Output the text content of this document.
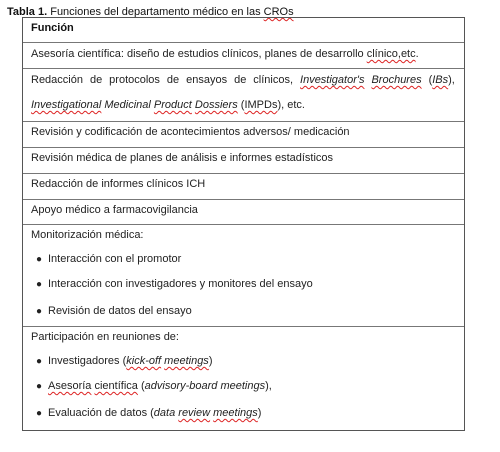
Tabla 1. Funciones del departamento médico en las CROs
Función
Asesoría científica: diseño de estudios clínicos, planes de desarrollo clínico,etc.
Redacción de protocolos de ensayos de clínicos, Investigator's Brochures (IBs),
Investigational Medicinal Product Dossiers (IMPDs), etc.
Revisión y codificación de acontecimientos adversos/ medicación
Revisión médica de planes de análisis e informes estadísticos
Redacción de informes clínicos ICH
Apoyo médico a farmacovigilancia
Monitorización médica:
● Interacción con el promotor
● Interacción con investigadores y monitores del ensayo
● Revisión de datos del ensayo
Participación en reuniones de:
● Investigadores (kick-off meetings)
● Asesoría científica (advisory-board meetings),
● Evaluación de datos (data review meetings)
